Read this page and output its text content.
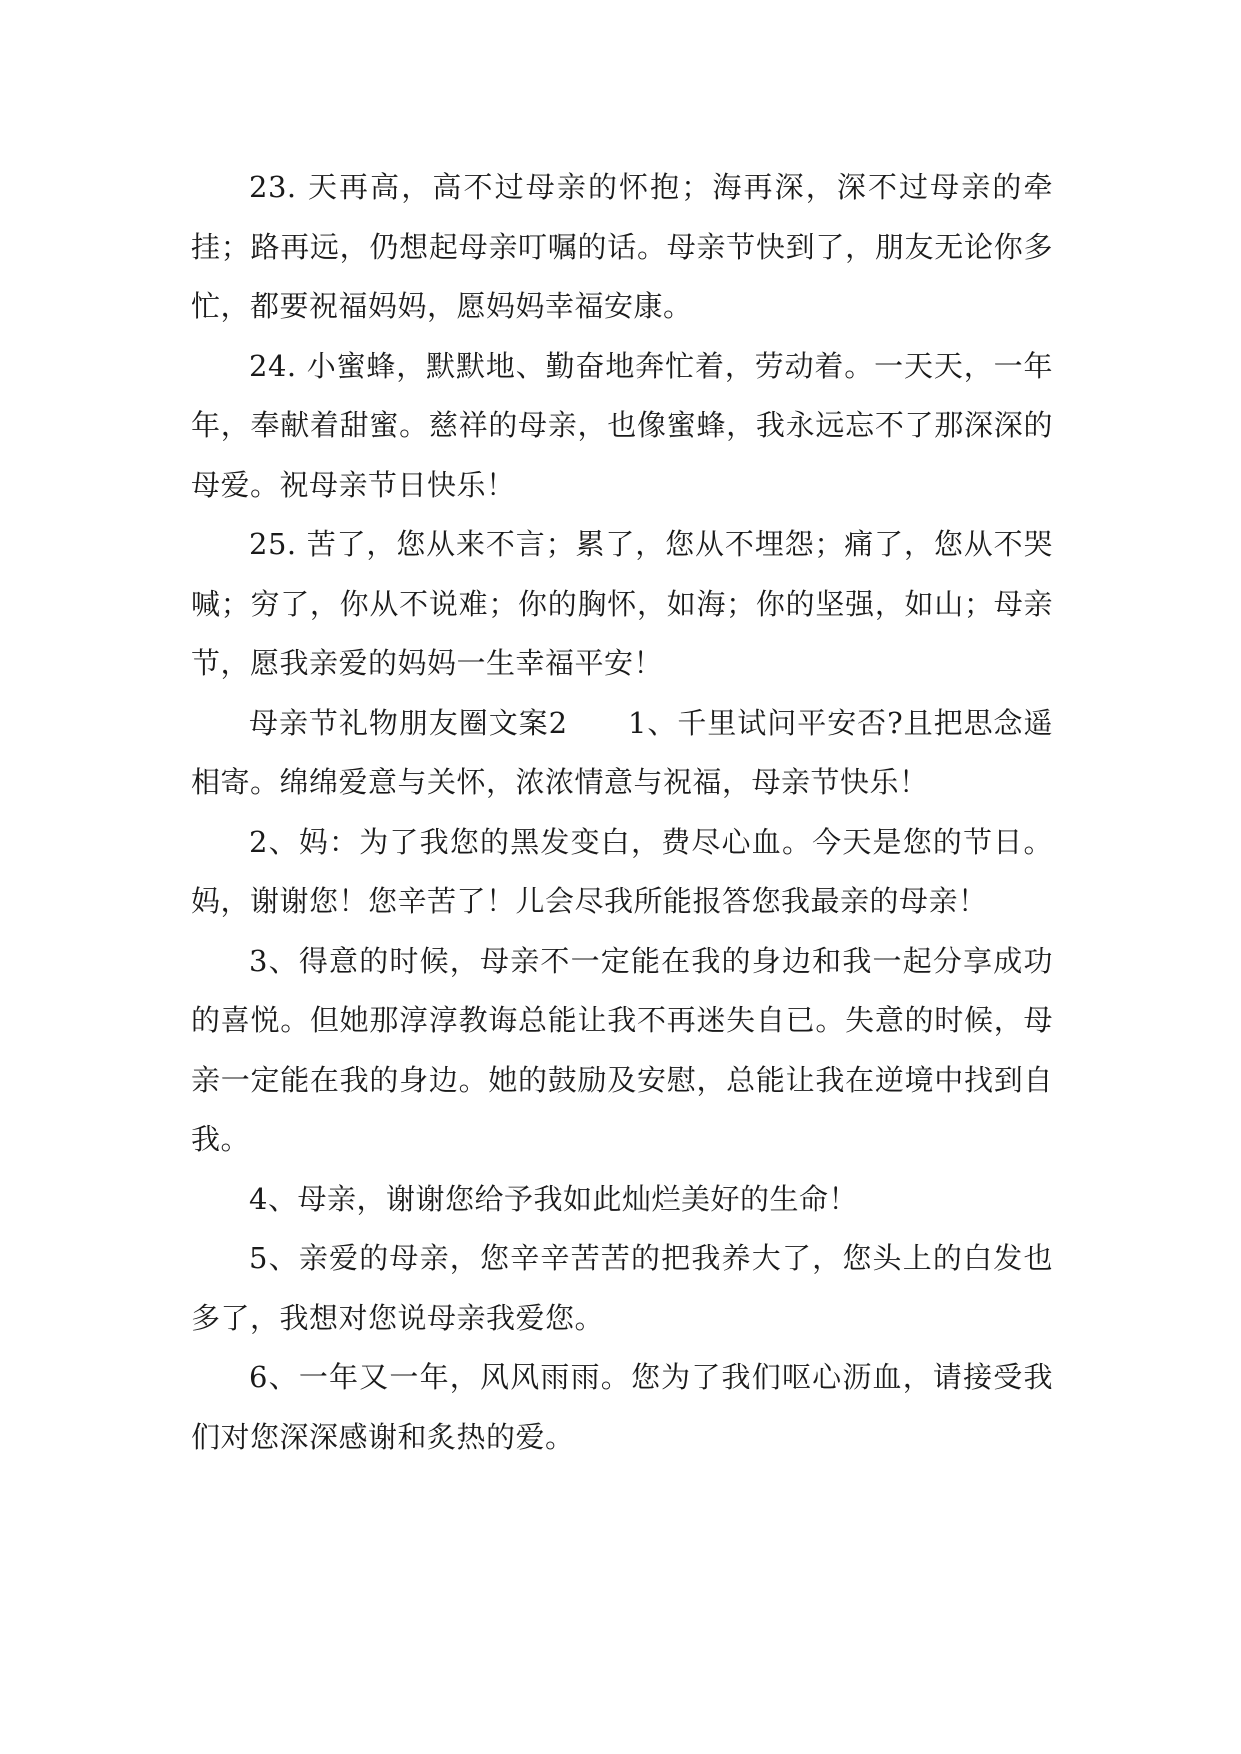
23. 天再高，高不过母亲的怀抱；海再深，深不过母亲的牵挂；路再远，仍想起母亲叮嘱的话。母亲节快到了，朋友无论你多忙，都要祝福妈妈，愿妈妈幸福安康。

24. 小蜜蜂，默默地、勤奋地奔忙着，劳动着。一天天，一年年，奉献着甜蜜。慈祥的母亲，也像蜜蜂，我永远忘不了那深深的母爱。祝母亲节日快乐！

25. 苦了，您从来不言；累了，您从不埋怨；痛了，您从不哭喊；穷了，你从不说难；你的胸怀，如海；你的坚强，如山；母亲节，愿我亲爱的妈妈一生幸福平安！

母亲节礼物朋友圈文案2　　1、千里试问平安否?且把思念遥相寄。绵绵爱意与关怀，浓浓情意与祝福，母亲节快乐！

2、妈：为了我您的黑发变白，费尽心血。今天是您的节日。妈，谢谢您！您辛苦了！儿会尽我所能报答您我最亲的母亲！

3、得意的时候，母亲不一定能在我的身边和我一起分享成功的喜悦。但她那淳淳教诲总能让我不再迷失自已。失意的时候，母亲一定能在我的身边。她的鼓励及安慰，总能让我在逆境中找到自我。

4、母亲，谢谢您给予我如此灿烂美好的生命！

5、亲爱的母亲，您辛辛苦苦的把我养大了，您头上的白发也多了，我想对您说母亲我爱您。

6、一年又一年，风风雨雨。您为了我们呕心沥血，请接受我们对您深深感谢和炙热的爱。
